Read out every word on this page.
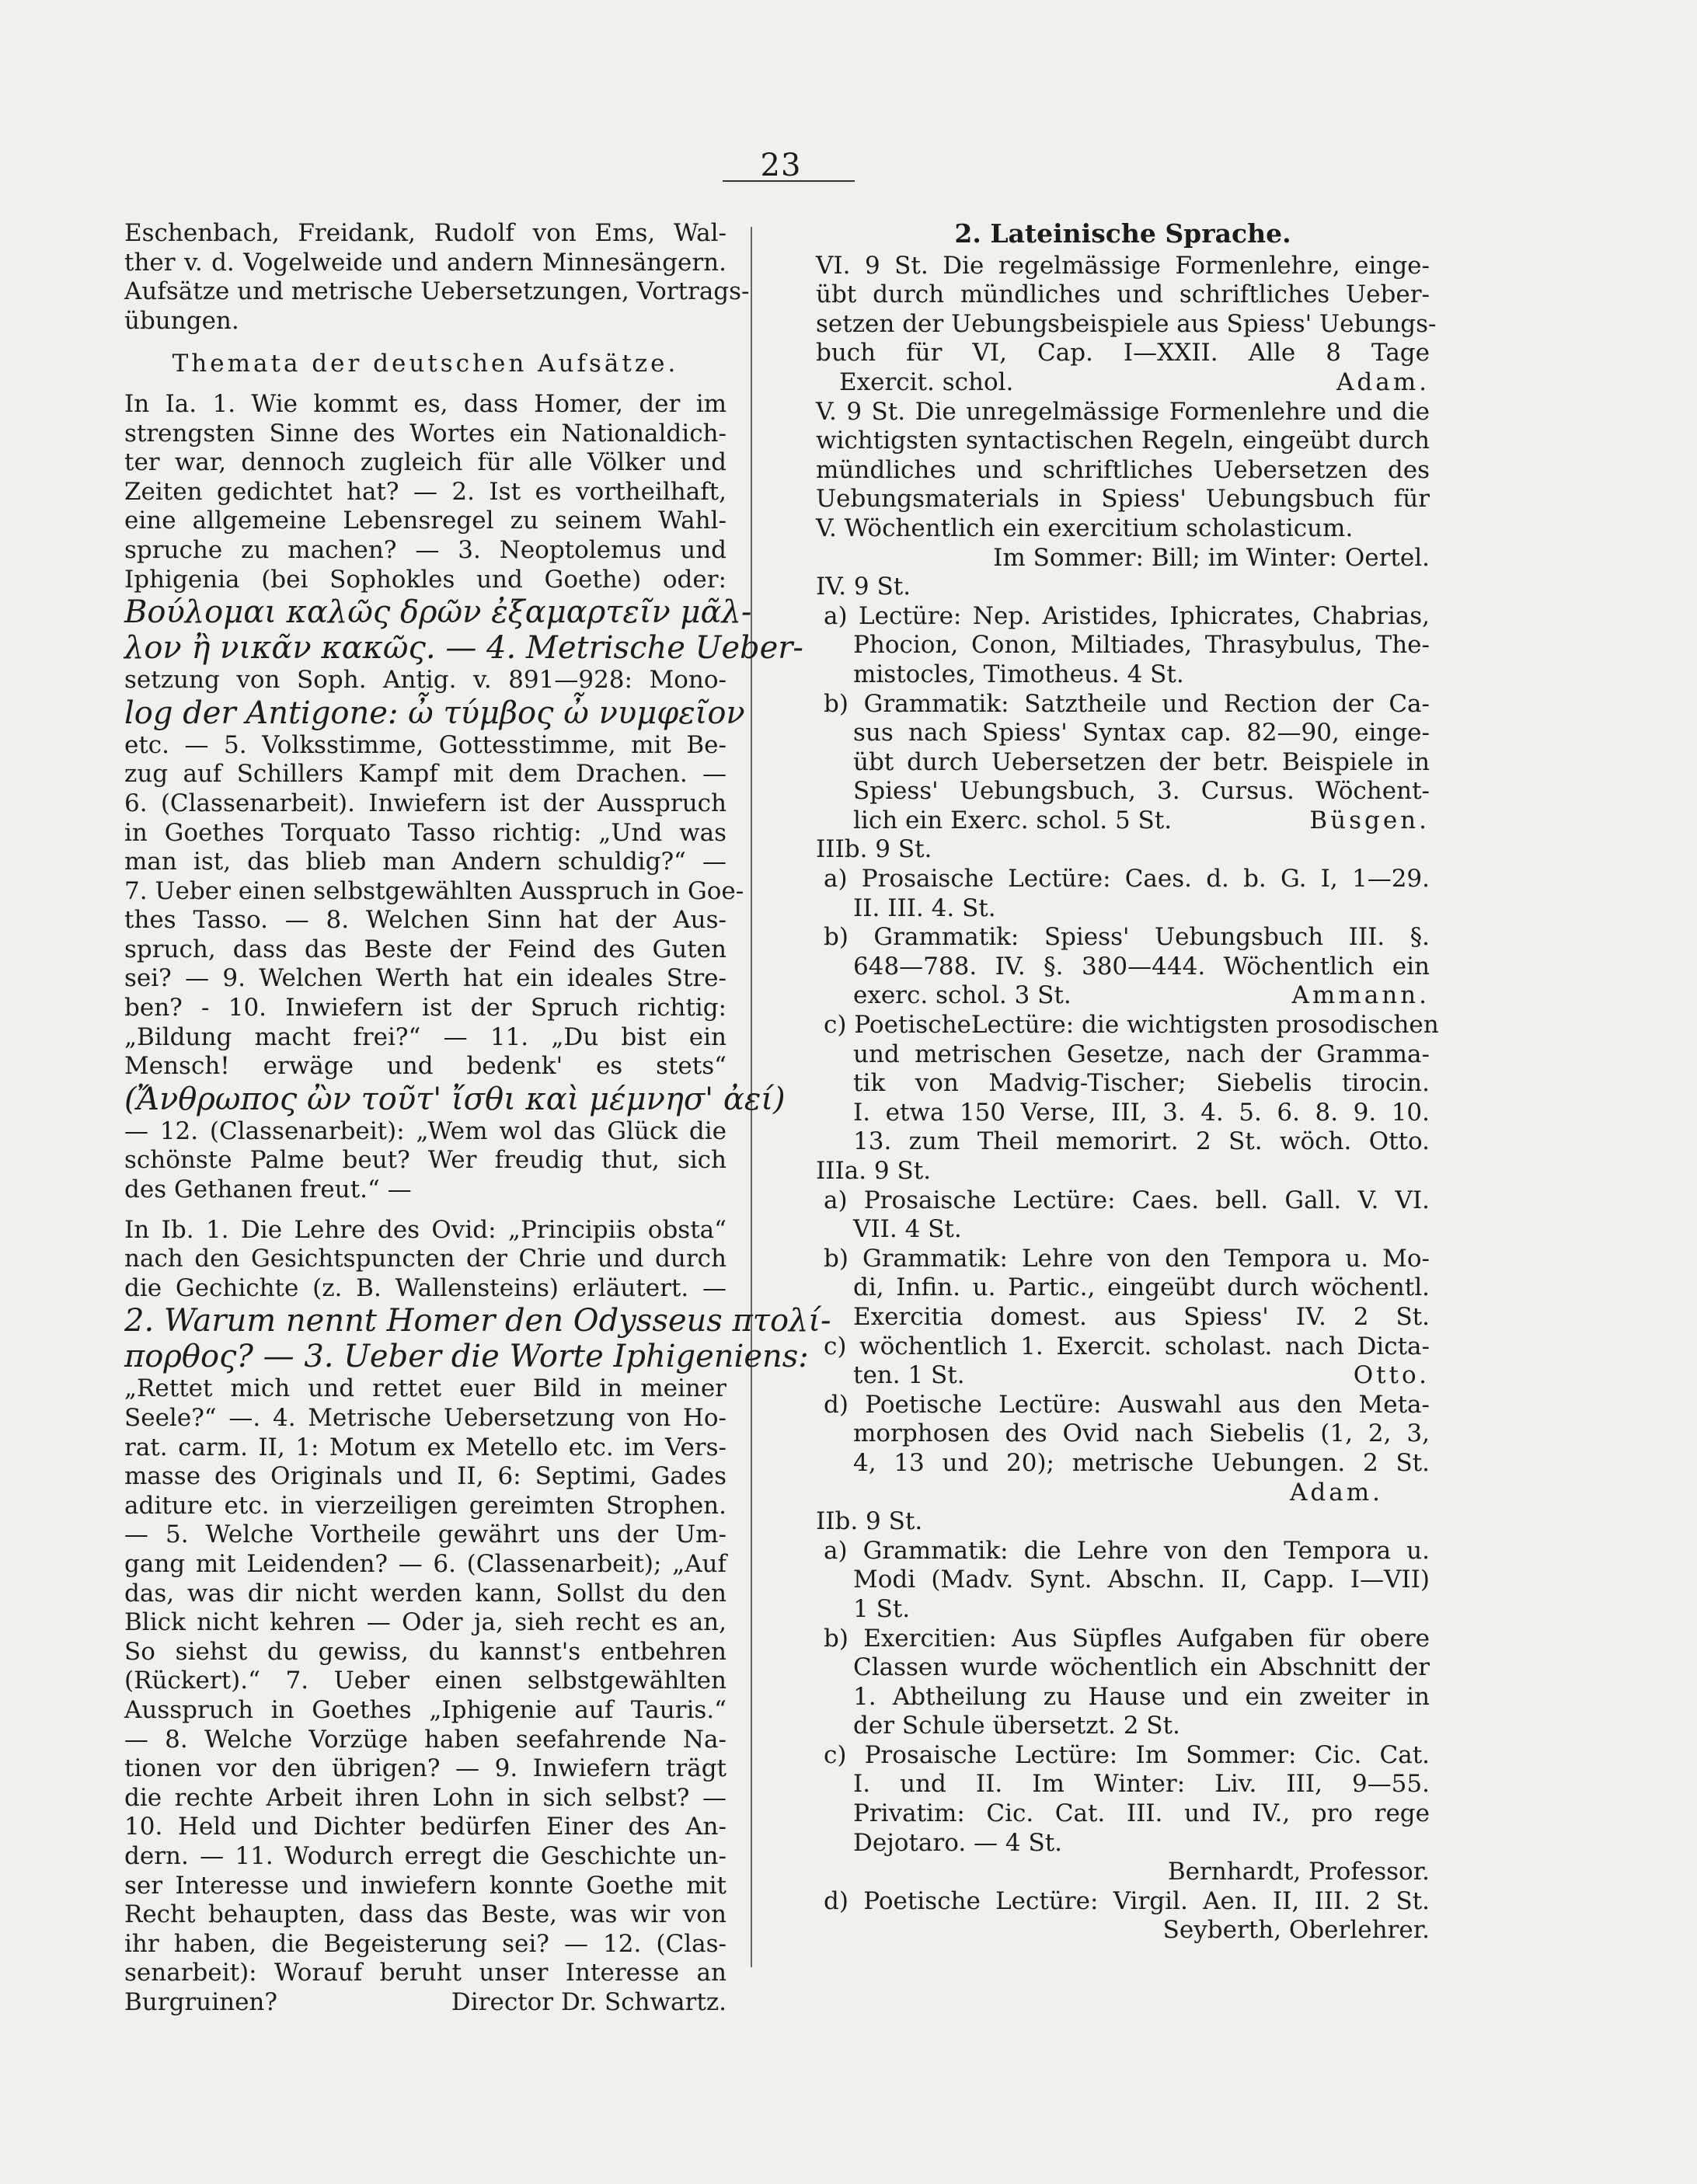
23
Eschenbach, Freidank, Rudolf von Ems, Wal-
ther v. d. Vogelweide und andern Minnesängern.
Aufsätze und metrische Uebersetzungen, Vortrags-
übungen.

Themata der deutschen Aufsätze.

In Ia. 1. Wie kommt es, dass Homer, der im
strengsten Sinne des Wortes ein Nationaldich-
ter war, dennoch zugleich für alle Völker und
Zeiten gedichtet hat? — 2. Ist es vortheilhaft,
eine allgemeine Lebensregel zu seinem Wahl-
spruche zu machen? — 3. Neoptolemus und
Iphigenia (bei Sophokles und Goethe) oder:
Βούλομαι καλῶς δρῶν ἐξαμαρτεῖν μᾶλ-
λον ἢ νικᾶν κακῶς. — 4. Metrische Ueber-
setzung von Soph. Antig. v. 891—928: Mono-
log der Antigone: ὦ τύμβος ὦ νυμφεῖον
etc. — 5. Volksstimme, Gottesstimme, mit Be-
zug auf Schillers Kampf mit dem Drachen. —
6. (Classenarbeit). Inwiefern ist der Ausspruch
in Goethes Torquato Tasso richtig: „Und was
man ist, das blieb man Andern schuldig?“ —
7. Ueber einen selbstgewählten Ausspruch in Goe-
thes Tasso. — 8. Welchen Sinn hat der Aus-
spruch, dass das Beste der Feind des Guten
sei? — 9. Welchen Werth hat ein ideales Stre-
ben? - 10. Inwiefern ist der Spruch richtig:
„Bildung macht frei?“ — 11. „Du bist ein
Mensch! erwäge und bedenk' es stets“
(Ἄνθρωπος ὢν τοῦτ' ἴσθι καὶ μέμνησ' ἀεί)
— 12. (Classenarbeit): „Wem wol das Glück die
schönste Palme beut? Wer freudig thut, sich
des Gethanen freut.“ —
In Ib. 1. Die Lehre des Ovid: „Principiis obsta“
nach den Gesichtspuncten der Chrie und durch
die Gechichte (z. B. Wallensteins) erläutert. —
2. Warum nennt Homer den Odysseus πτολί-
πορθος? — 3. Ueber die Worte Iphigeniens:
„Rettet mich und rettet euer Bild in meiner
Seele?“ —. 4. Metrische Uebersetzung von Ho-
rat. carm. II, 1: Motum ex Metello etc. im Vers-
masse des Originals und II, 6: Septimi, Gades
aditure etc. in vierzeiligen gereimten Strophen.
— 5. Welche Vortheile gewährt uns der Um-
gang mit Leidenden? — 6. (Classenarbeit); „Auf
das, was dir nicht werden kann, Sollst du den
Blick nicht kehren — Oder ja, sieh recht es an,
So siehst du gewiss, du kannst's entbehren
(Rückert).“ 7. Ueber einen selbstgewählten
Ausspruch in Goethes „Iphigenie auf Tauris.“
— 8. Welche Vorzüge haben seefahrende Na-
tionen vor den übrigen? — 9. Inwiefern trägt
die rechte Arbeit ihren Lohn in sich selbst? —
10. Held und Dichter bedürfen Einer des An-
dern. — 11. Wodurch erregt die Geschichte un-
ser Interesse und inwiefern konnte Goethe mit
Recht behaupten, dass das Beste, was wir von
ihr haben, die Begeisterung sei? — 12. (Clas-
senarbeit): Worauf beruht unser Interesse an
Burgruinen?	Director Dr. Schwartz.

2. Lateinische Sprache.

VI. 9 St. Die regelmässige Formenlehre, einge-
übt durch mündliches und schriftliches Ueber-
setzen der Uebungsbeispiele aus Spiess' Uebungs-
buch für VI, Cap. I—XXII. Alle 8 Tage
Exercit. schol.	Adam.
V. 9 St. Die unregelmässige Formenlehre und die
wichtigsten syntactischen Regeln, eingeübt durch
mündliches und schriftliches Uebersetzen des
Uebungsmaterials in Spiess' Uebungsbuch für
V. Wöchentlich ein exercitium scholasticum.

Im Sommer: Bill; im Winter: Oertel.

IV. 9 St.

a) Lectüre: Nep. Aristides, Iphicrates, Chabrias,
Phocion, Conon, Miltiades, Thrasybulus, The-
mistocles, Timotheus. 4 St.
b) Grammatik: Satztheile und Rection der Ca-
sus nach Spiess' Syntax cap. 82—90, einge-
übt durch Uebersetzen der betr. Beispiele in
Spiess' Uebungsbuch, 3. Cursus. Wöchent-
lich ein Exerc. schol. 5 St.	Büsgen.

IIIb. 9 St.

a) Prosaische Lectüre: Caes. d. b. G. I, 1—29.
II. III. 4. St.
b) Grammatik: Spiess' Uebungsbuch III. §.
648—788. IV. §. 380—444. Wöchentlich ein
exerc. schol. 3 St.	Ammann.
c) PoetischeLectüre: die wichtigsten prosodischen
und metrischen Gesetze, nach der Gramma-
tik von Madvig-Tischer; Siebelis tirocin.
I. etwa 150 Verse, III, 3. 4. 5. 6. 8. 9. 10.
13. zum Theil memorirt. 2 St. wöch. Otto.

IIIa. 9 St.

a) Prosaische Lectüre: Caes. bell. Gall. V. VI.
VII. 4 St.
b) Grammatik: Lehre von den Tempora u. Mo-
di, Infin. u. Partic., eingeübt durch wöchentl.
Exercitia domest. aus Spiess' IV. 2 St.
c) wöchentlich 1. Exercit. scholast. nach Dicta-
ten. 1 St.	Otto.
d) Poetische Lectüre: Auswahl aus den Meta-
morphosen des Ovid nach Siebelis (1, 2, 3,
4, 13 und 20); metrische Uebungen. 2 St.

Adam.

IIb. 9 St.

a) Grammatik: die Lehre von den Tempora u.
Modi (Madv. Synt. Abschn. II, Capp. I—VII)
1 St.
b) Exercitien: Aus Süpfles Aufgaben für obere
Classen wurde wöchentlich ein Abschnitt der
1. Abtheilung zu Hause und ein zweiter in
der Schule übersetzt. 2 St.
c) Prosaische Lectüre: Im Sommer: Cic. Cat.
I. und II. Im Winter: Liv. III, 9—55.
Privatim: Cic. Cat. III. und IV., pro rege
Dejotaro. — 4 St.

Bernhardt, Professor.

d) Poetische Lectüre: Virgil. Aen. II, III. 2 St.

Seyberth, Oberlehrer.
